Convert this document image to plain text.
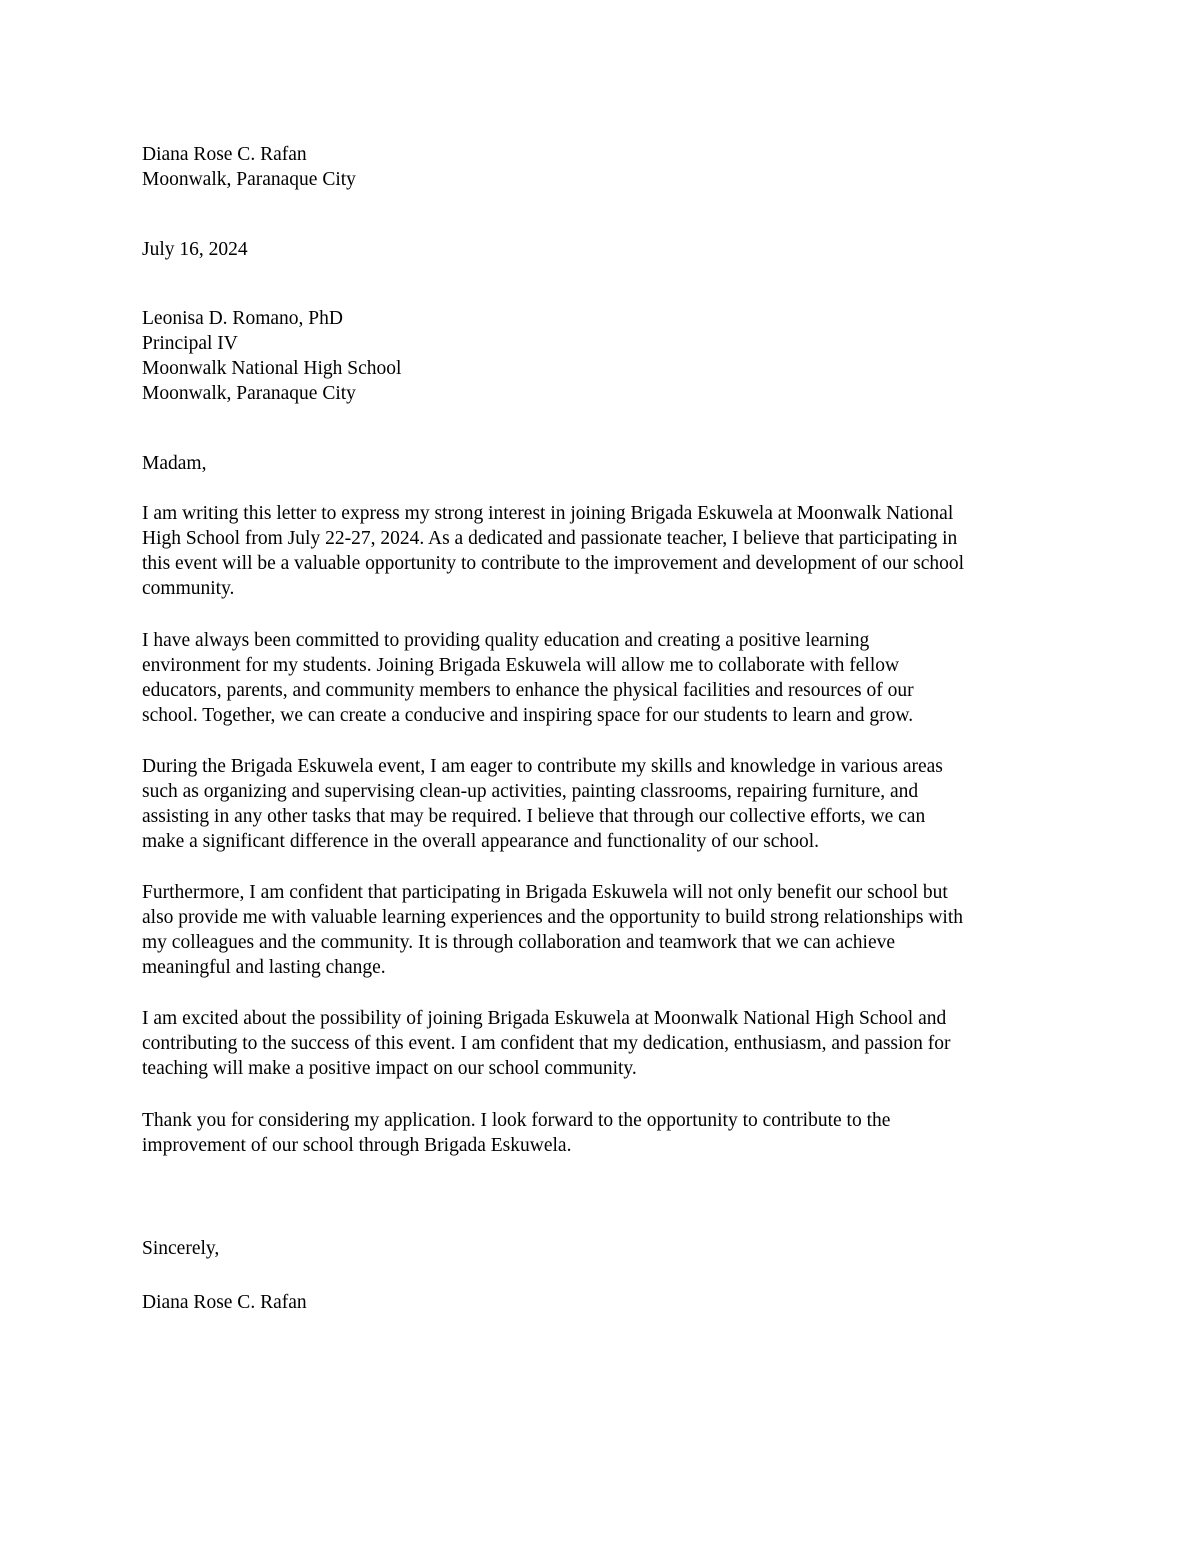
Diana Rose C. Rafan
Moonwalk, Paranaque City
July 16, 2024
Leonisa D. Romano, PhD
Principal IV
Moonwalk National High School
Moonwalk, Paranaque City
Madam,
I am writing this letter to express my strong interest in joining Brigada Eskuwela at Moonwalk National
High School from July 22-27, 2024. As a dedicated and passionate teacher, I believe that participating in
this event will be a valuable opportunity to contribute to the improvement and development of our school
community.
I have always been committed to providing quality education and creating a positive learning
environment for my students. Joining Brigada Eskuwela will allow me to collaborate with fellow
educators, parents, and community members to enhance the physical facilities and resources of our
school. Together, we can create a conducive and inspiring space for our students to learn and grow.
During the Brigada Eskuwela event, I am eager to contribute my skills and knowledge in various areas
such as organizing and supervising clean-up activities, painting classrooms, repairing furniture, and
assisting in any other tasks that may be required. I believe that through our collective efforts, we can
make a significant difference in the overall appearance and functionality of our school.
Furthermore, I am confident that participating in Brigada Eskuwela will not only benefit our school but
also provide me with valuable learning experiences and the opportunity to build strong relationships with
my colleagues and the community. It is through collaboration and teamwork that we can achieve
meaningful and lasting change.
I am excited about the possibility of joining Brigada Eskuwela at Moonwalk National High School and
contributing to the success of this event. I am confident that my dedication, enthusiasm, and passion for
teaching will make a positive impact on our school community.
Thank you for considering my application. I look forward to the opportunity to contribute to the
improvement of our school through Brigada Eskuwela.
Sincerely,
Diana Rose C. Rafan
